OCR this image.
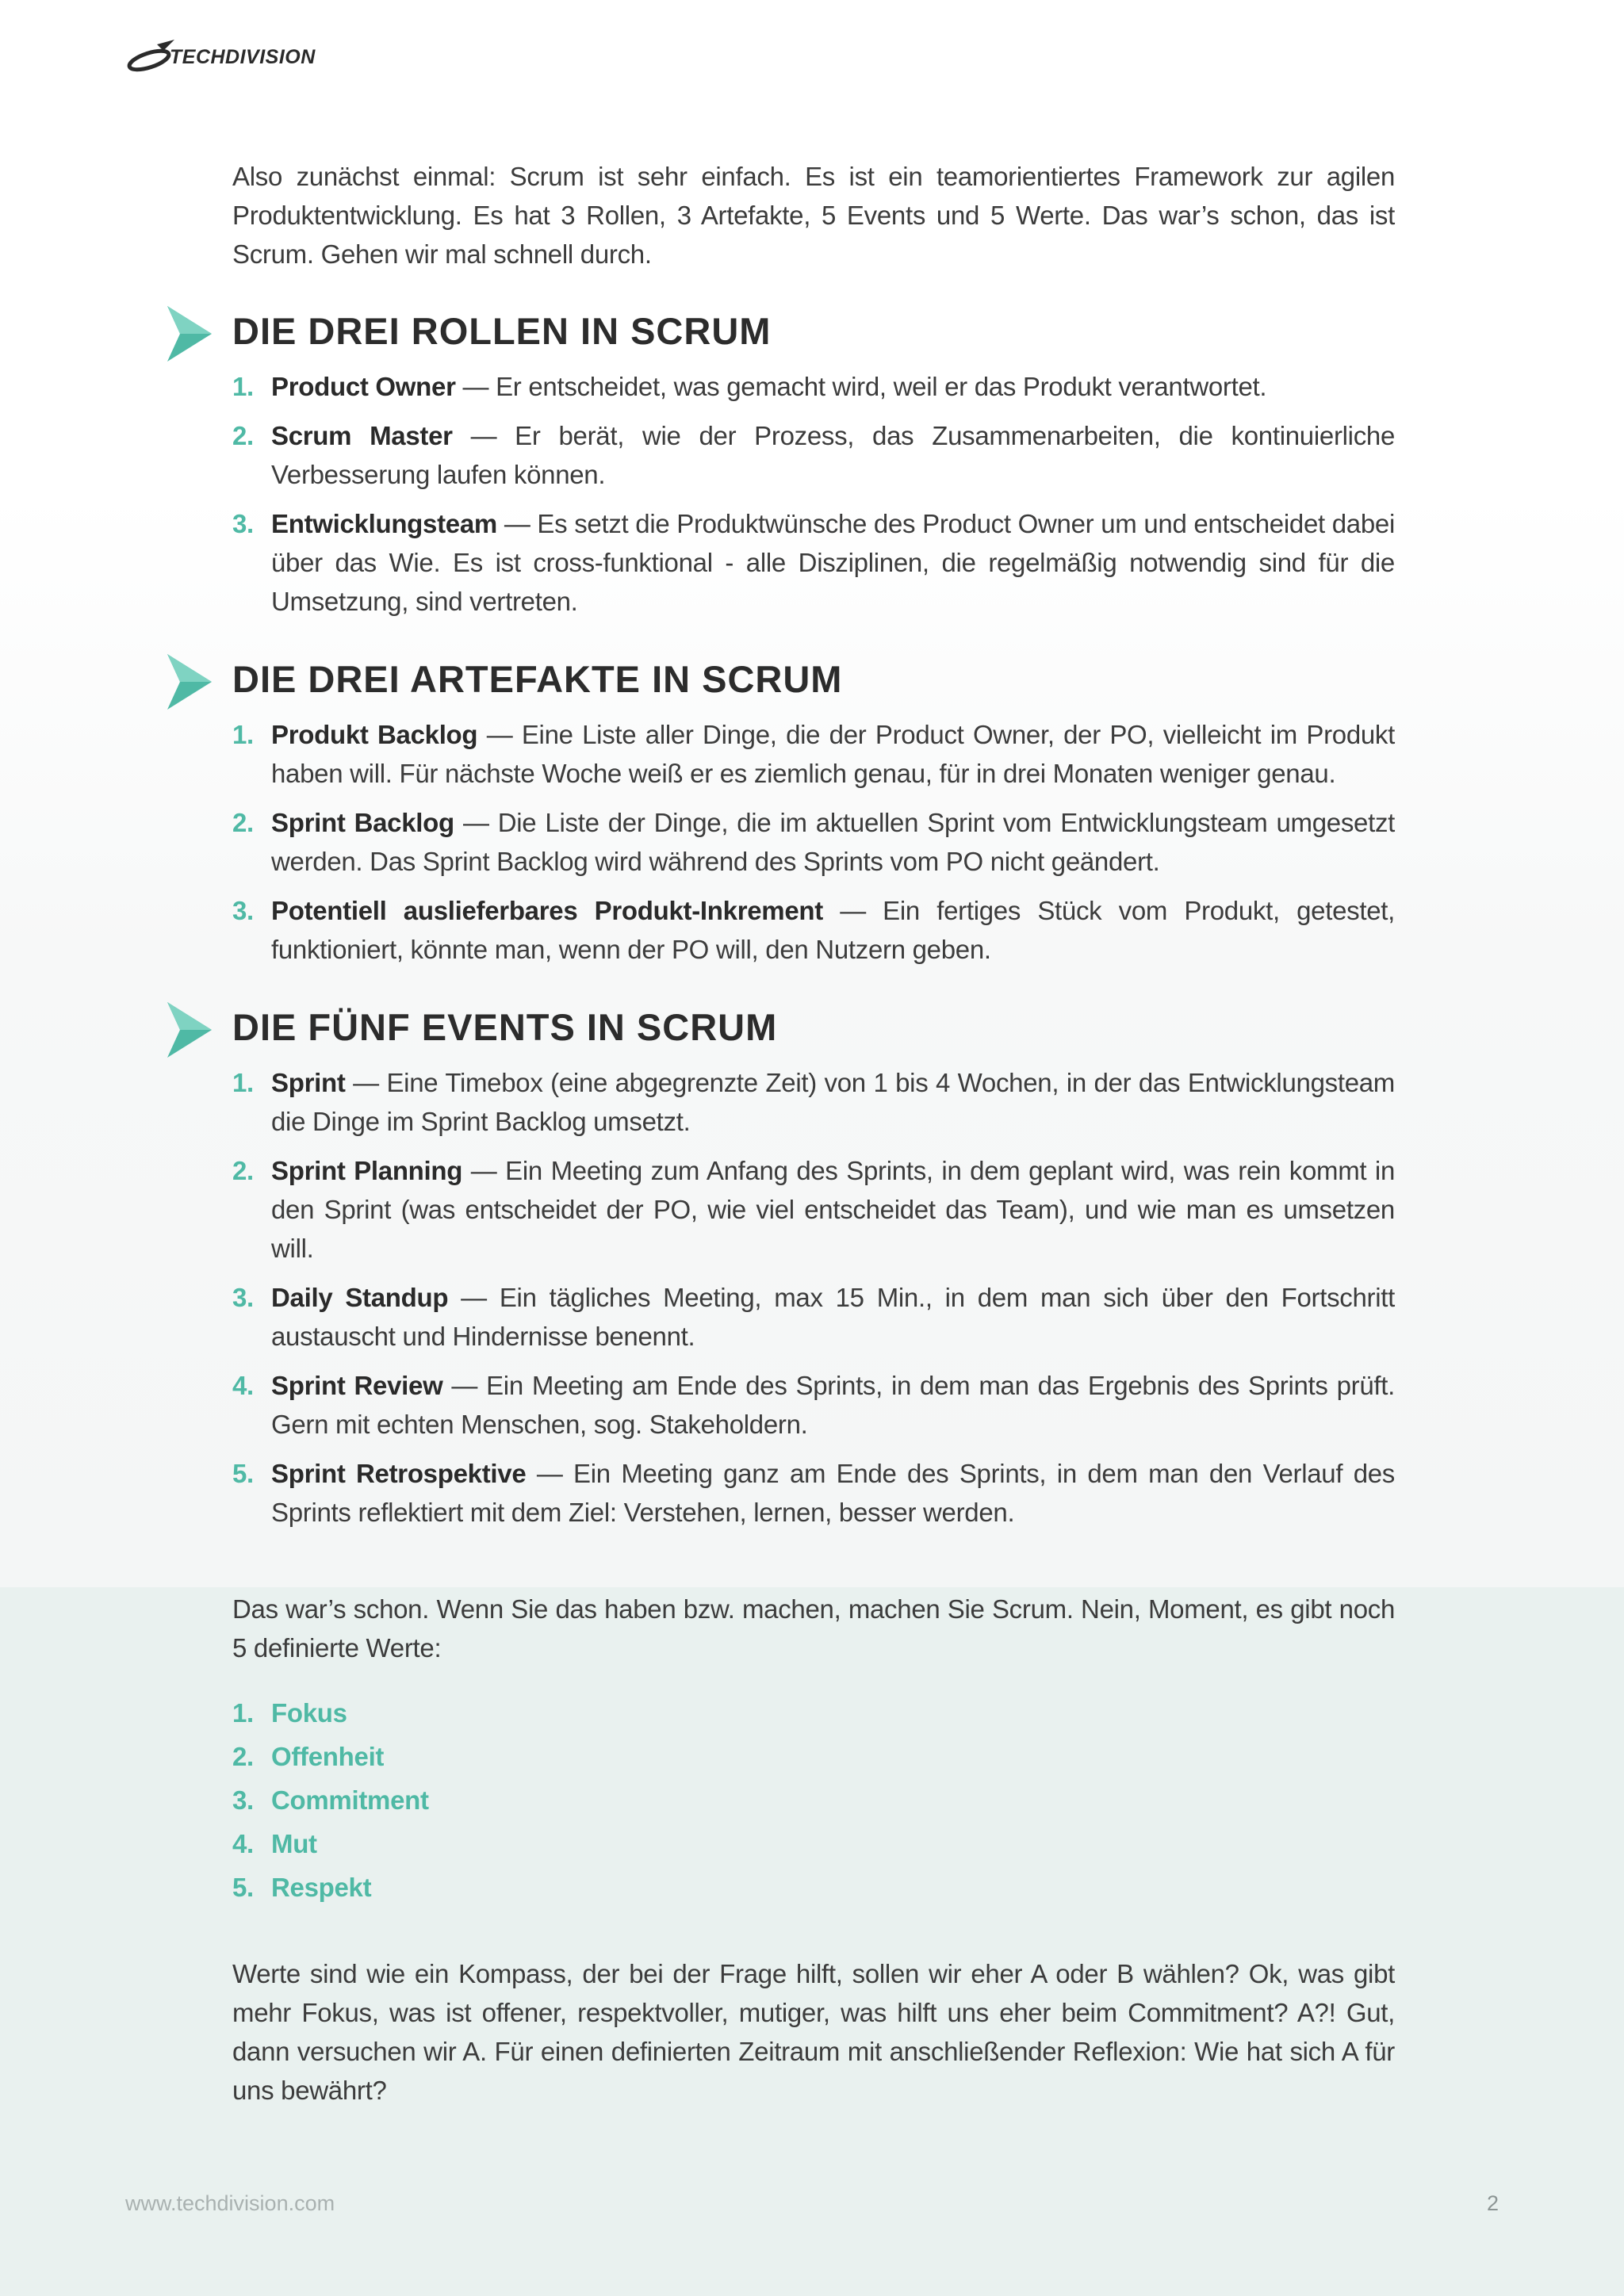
TECHDIVISION

Also zunächst einmal: Scrum ist sehr einfach. Es ist ein teamorientiertes Framework zur agilen Produktentwicklung. Es hat 3 Rollen, 3 Artefakte, 5 Events und 5 Werte. Das war’s schon, das ist Scrum. Gehen wir mal schnell durch.

DIE DREI ROLLEN IN SCRUM
1. Product Owner — Er entscheidet, was gemacht wird, weil er das Produkt verantwortet.
2. Scrum Master — Er berät, wie der Prozess, das Zusammenarbeiten, die kontinuierliche Verbesserung laufen können.
3. Entwicklungsteam — Es setzt die Produktwünsche des Product Owner um und entscheidet dabei über das Wie. Es ist cross-funktional - alle Disziplinen, die regelmäßig notwendig sind für die Umsetzung, sind vertreten.
DIE DREI ARTEFAKTE IN SCRUM
1. Produkt Backlog — Eine Liste aller Dinge, die der Product Owner, der PO, vielleicht im Produkt haben will. Für nächste Woche weiß er es ziemlich genau, für in drei Monaten weniger genau.
2. Sprint Backlog — Die Liste der Dinge, die im aktuellen Sprint vom Entwicklungsteam umgesetzt werden. Das Sprint Backlog wird während des Sprints vom PO nicht geändert.
3. Potentiell auslieferbares Produkt-Inkrement — Ein fertiges Stück vom Produkt, getestet, funktioniert, könnte man, wenn der PO will, den Nutzern geben.
DIE FÜNF EVENTS IN SCRUM
1. Sprint — Eine Timebox (eine abgegrenzte Zeit) von 1 bis 4 Wochen, in der das Entwicklungsteam die Dinge im Sprint Backlog umsetzt.
2. Sprint Planning — Ein Meeting zum Anfang des Sprints, in dem geplant wird, was rein kommt in den Sprint (was entscheidet der PO, wie viel entscheidet das Team), und wie man es umsetzen will.
3. Daily Standup — Ein tägliches Meeting, max 15 Min., in dem man sich über den Fortschritt austauscht und Hindernisse benennt.
4. Sprint Review — Ein Meeting am Ende des Sprints, in dem man das Ergebnis des Sprints prüft. Gern mit echten Menschen, sog. Stakeholdern.
5. Sprint Retrospektive — Ein Meeting ganz am Ende des Sprints, in dem man den Verlauf des Sprints reflektiert mit dem Ziel: Verstehen, lernen, besser werden.

Das war’s schon. Wenn Sie das haben bzw. machen, machen Sie Scrum. Nein, Moment, es gibt noch 5 definierte Werte:

1. Fokus
2. Offenheit
3. Commitment
4. Mut
5. Respekt

Werte sind wie ein Kompass, der bei der Frage hilft, sollen wir eher A oder B wählen? Ok, was gibt mehr Fokus, was ist offener, respektvoller, mutiger, was hilft uns eher beim Commitment? A?! Gut, dann versuchen wir A. Für einen definierten Zeitraum mit anschließender Reflexion: Wie hat sich A für uns bewährt?

www.techdivision.com	2
